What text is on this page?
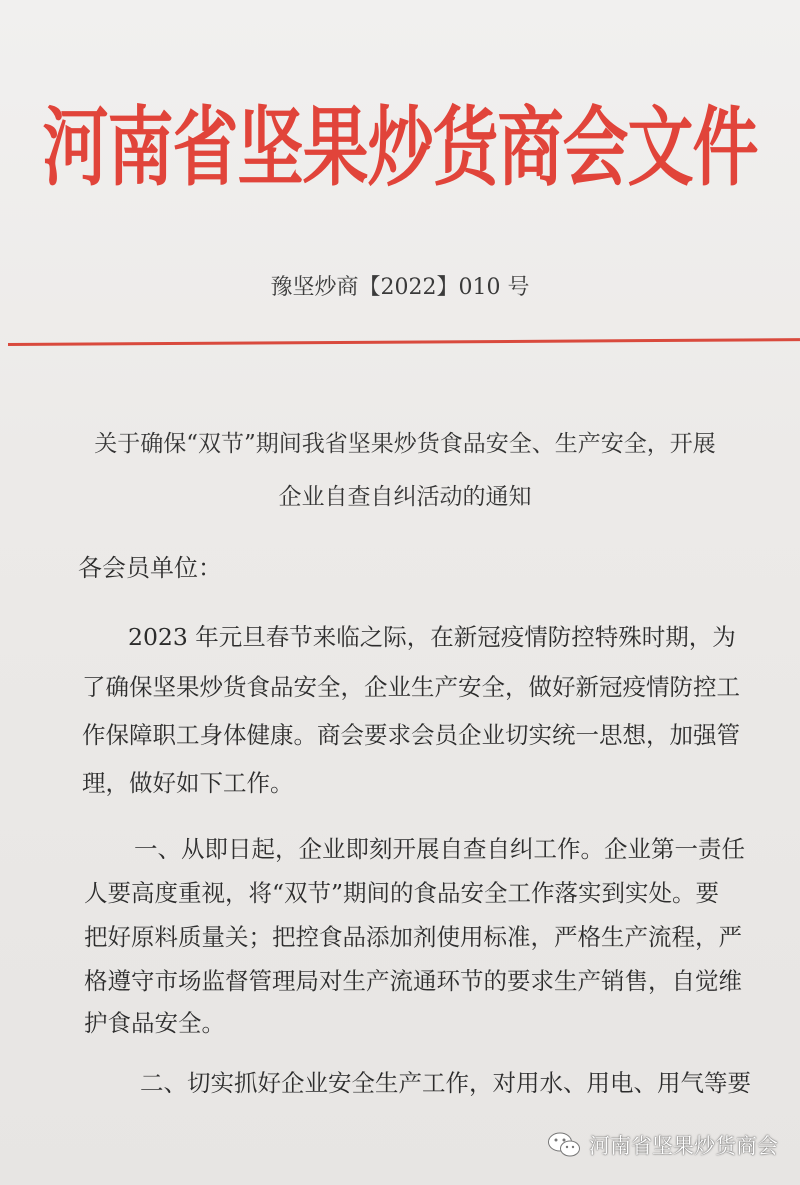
河南省坚果炒货商会文件
豫坚炒商【2022】010 号
关于确保“双节”期间我省坚果炒货食品安全、生产安全，开展
企业自查自纠活动的通知
各会员单位：
2023 年元旦春节来临之际，在新冠疫情防控特殊时期，为
了确保坚果炒货食品安全，企业生产安全，做好新冠疫情防控工
作保障职工身体健康。商会要求会员企业切实统一思想，加强管
理，做好如下工作。
一、从即日起，企业即刻开展自查自纠工作。企业第一责任
人要高度重视，将“双节”期间的食品安全工作落实到实处。要
把好原料质量关；把控食品添加剂使用标准，严格生产流程，严
格遵守市场监督管理局对生产流通环节的要求生产销售，自觉维
护食品安全。
二、切实抓好企业安全生产工作，对用水、用电、用气等要
河南省坚果炒货商会
